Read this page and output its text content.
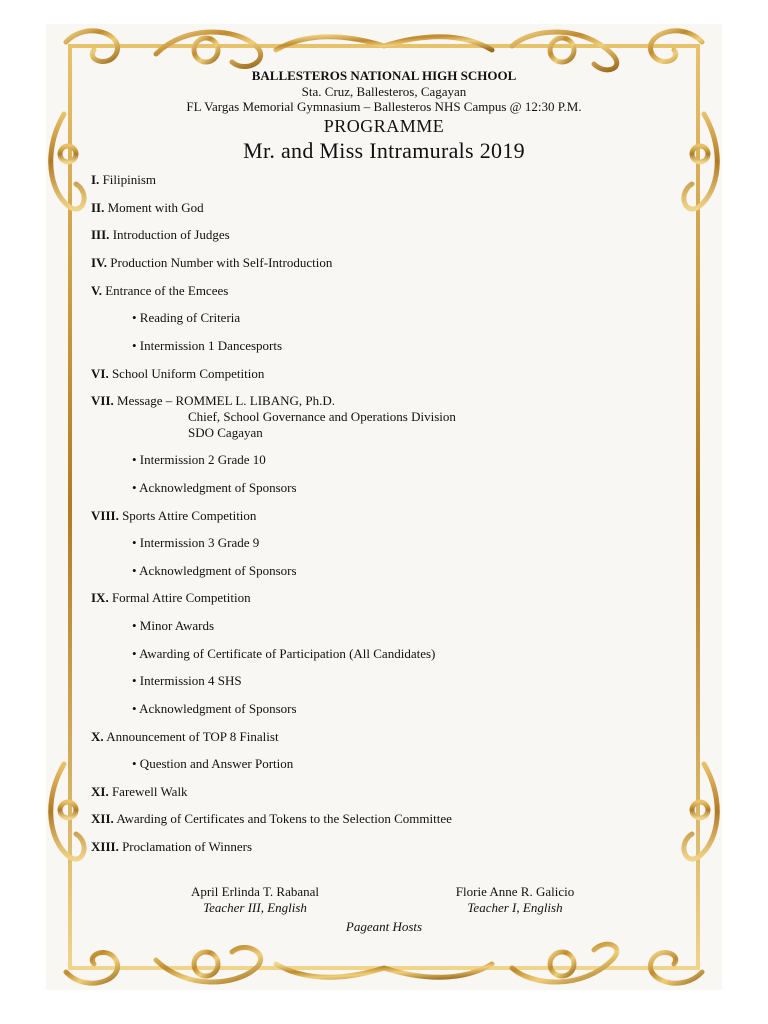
BALLESTEROS NATIONAL HIGH SCHOOL
Sta. Cruz, Ballesteros, Cagayan
FL Vargas Memorial Gymnasium – Ballesteros NHS Campus @ 12:30 P.M.
PROGRAMME
Mr. and Miss Intramurals 2019
I. Filipinism
II. Moment with God
III. Introduction of Judges
IV. Production Number with Self-Introduction
V. Entrance of the Emcees
• Reading of Criteria
• Intermission 1 Dancesports
VI. School Uniform Competition
VII. Message – ROMMEL L. LIBANG, Ph.D.
Chief, School Governance and Operations Division
SDO Cagayan
• Intermission 2 Grade 10
• Acknowledgment of Sponsors
VIII. Sports Attire Competition
• Intermission 3 Grade 9
• Acknowledgment of Sponsors
IX. Formal Attire Competition
• Minor Awards
• Awarding of Certificate of Participation (All Candidates)
• Intermission 4 SHS
• Acknowledgment of Sponsors
X. Announcement of TOP 8 Finalist
• Question and Answer Portion
XI. Farewell Walk
XII. Awarding of Certificates and Tokens to the Selection Committee
XIII. Proclamation of Winners
April Erlinda T. Rabanal
Teacher III, English
Florie Anne R. Galicio
Teacher I, English
Pageant Hosts
